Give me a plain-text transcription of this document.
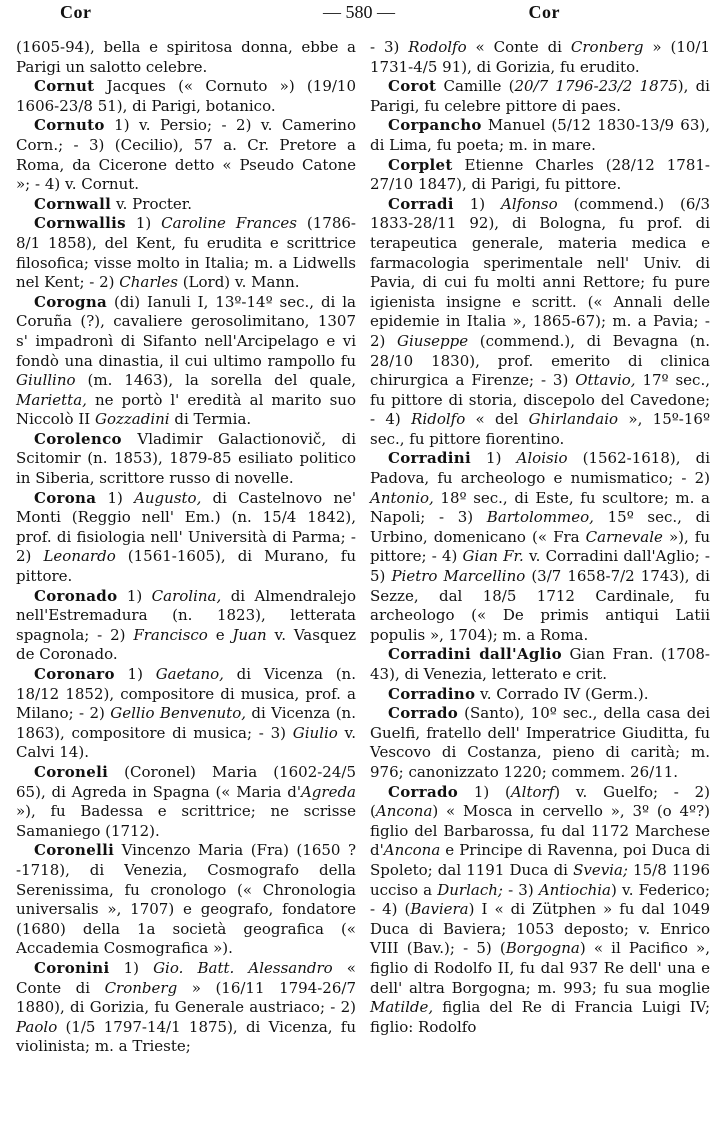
Cor	— 580 —	Cor

(1605-94), bella e spiritosa donna, ebbe a Parigi un salotto celebre.

Cornut Jacques (« Cornuto ») (19/10 1606-23/8 51), di Parigi, botanico.

Cornuto 1) v. Persio; - 2) v. Camerino Corn.; - 3) (Cecilio), 57 a. Cr. Pretore a Roma, da Cicerone detto « Pseudo Catone »; - 4) v. Cornut.

Cornwall v. Procter.

Cornwallis 1) Caroline Frances (1786-8/1 1858), del Kent, fu erudita e scrittrice filosofica; visse molto in Italia; m. a Lidwells nel Kent; - 2) Charles (Lord) v. Mann.

Corogna (di) Ianuli I, 13º-14º sec., di la Coruña (?), cavaliere gerosolimitano, 1307 s' impadronì di Sifanto nell'Arcipelago e vi fondò una dinastia, il cui ultimo rampollo fu Giullino (m. 1463), la sorella del quale, Marietta, ne portò l' eredità al marito suo Niccolò II Gozzadini di Termia.

Corolenco Vladimir Galactionovič, di Scitomir (n. 1853), 1879-85 esiliato politico in Siberia, scrittore russo di novelle.

Corona 1) Augusto, di Castelnovo ne' Monti (Reggio nell' Em.) (n. 15/4 1842), prof. di fisiologia nell' Università di Parma; - 2) Leonardo (1561-1605), di Murano, fu pittore.

Coronado 1) Carolina, di Almendralejo nell'Estremadura (n. 1823), letterata spagnola; - 2) Francisco e Juan v. Vasquez de Coronado.

Coronaro 1) Gaetano, di Vicenza (n. 18/12 1852), compositore di musica, prof. a Milano; - 2) Gellio Benvenuto, di Vicenza (n. 1863), compositore di musica; - 3) Giulio v. Calvi 14).

Coroneli (Coronel) Maria (1602-24/5 65), di Agreda in Spagna (« Maria d'Agreda »), fu Badessa e scrittrice; ne scrisse Samaniego (1712).

Coronelli Vincenzo Maria (Fra) (1650 ?-1718), di Venezia, Cosmografo della Serenissima, fu cronologo (« Chronologia universalis », 1707) e geografo, fondatore (1680) della 1a società geografica (« Accademia Cosmografica »).

Coronini 1) Gio. Batt. Alessandro « Conte di Cronberg » (16/11 1794-26/7 1880), di Gorizia, fu Generale austriaco; - 2) Paolo (1/5 1797-14/1 1875), di Vicenza, fu violinista; m. a Trieste;

- 3) Rodolfo « Conte di Cronberg » (10/1 1731-4/5 91), di Gorizia, fu erudito.

Corot Camille (20/7 1796-23/2 1875), di Parigi, fu celebre pittore di paes.

Corpancho Manuel (5/12 1830-13/9 63), di Lima, fu poeta; m. in mare.

Corplet Etienne Charles (28/12 1781-27/10 1847), di Parigi, fu pittore.

Corradi 1) Alfonso (commend.) (6/3 1833-28/11 92), di Bologna, fu prof. di terapeutica generale, materia medica e farmacologia sperimentale nell' Univ. di Pavia, di cui fu molti anni Rettore; fu pure igienista insigne e scritt. (« Annali delle epidemie in Italia », 1865-67); m. a Pavia; - 2) Giuseppe (commend.), di Bevagna (n. 28/10 1830), prof. emerito di clinica chirurgica a Firenze; - 3) Ottavio, 17º sec., fu pittore di storia, discepolo del Cavedone; - 4) Ridolfo « del Ghirlandaio », 15º-16º sec., fu pittore fiorentino.

Corradini 1) Aloisio (1562-1618), di Padova, fu archeologo e numismatico; - 2) Antonio, 18º sec., di Este, fu scultore; m. a Napoli; - 3) Bartolommeo, 15º sec., di Urbino, domenicano (« Fra Carnevale »), fu pittore; - 4) Gian Fr. v. Corradini dall'Aglio; - 5) Pietro Marcellino (3/7 1658-7/2 1743), di Sezze, dal 18/5 1712 Cardinale, fu archeologo (« De primis antiqui Latii populis », 1704); m. a Roma.

Corradini dall'Aglio Gian Fran. (1708-43), di Venezia, letterato e crit.

Corradino v. Corrado IV (Germ.).

Corrado (Santo), 10º sec., della casa dei Guelfi, fratello dell' Imperatrice Giuditta, fu Vescovo di Costanza, pieno di carità; m. 976; canonizzato 1220; commem. 26/11.

Corrado 1) (Altorf) v. Guelfo; - 2) (Ancona) « Mosca in cervello », 3º (o 4º?) figlio del Barbarossa, fu dal 1172 Marchese d'Ancona e Principe di Ravenna, poi Duca di Spoleto; dal 1191 Duca di Svevia; 15/8 1196 ucciso a Durlach; - 3) Antiochia) v. Federico; - 4) (Baviera) I « di Zütphen » fu dal 1049 Duca di Baviera; 1053 deposto; v. Enrico VIII (Bav.); - 5) (Borgogna) « il Pacifico », figlio di Rodolfo II, fu dal 937 Re dell' una e dell' altra Borgogna; m. 993; fu sua moglie Matilde, figlia del Re di Francia Luigi IV; figlio: Rodolfo
